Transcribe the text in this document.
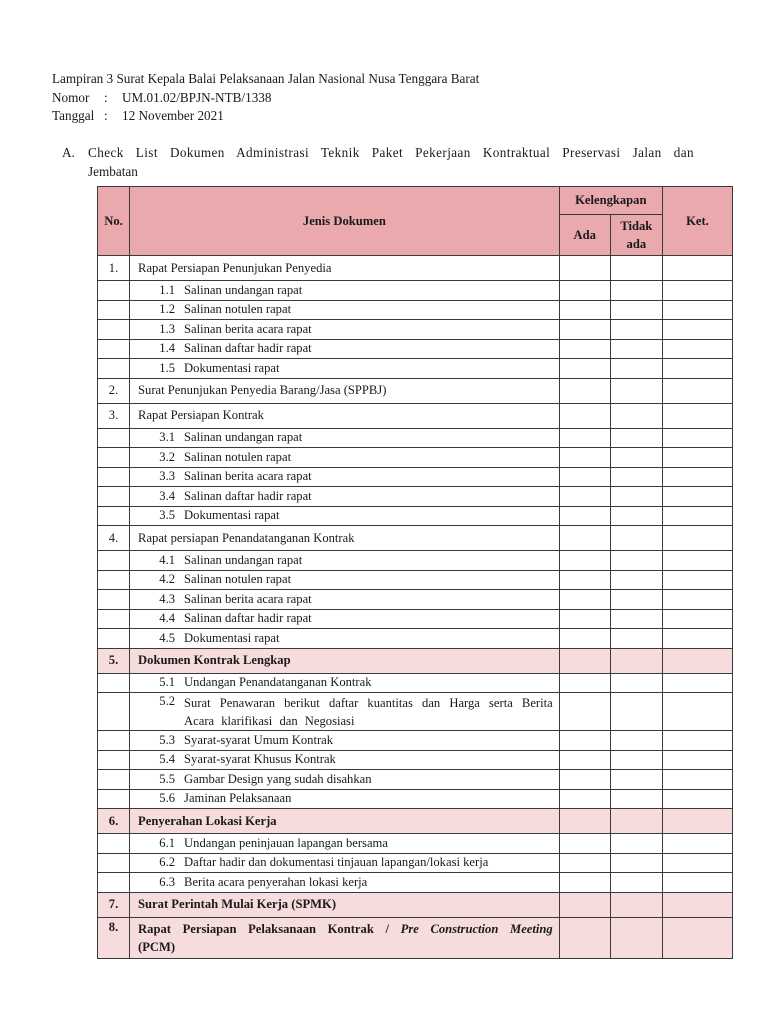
Lampiran 3 Surat Kepala Balai Pelaksanaan Jalan Nasional Nusa Tenggara Barat
Nomor : UM.01.02/BPJN-NTB/1338
Tanggal : 12 November 2021
A. Check List Dokumen Administrasi Teknik Paket Pekerjaan Kontraktual Preservasi Jalan dan
Jembatan
No.	Jenis Dokumen	Kelengkapan		Ket.
		Ada	Tidak ada	
1.	Rapat Persiapan Penunjukan Penyedia			

	1.1 Salinan undangan rapat			

	1.2 Salinan notulen rapat			

	1.3 Salinan berita acara rapat			

	1.4 Salinan daftar hadir rapat			

	1.5 Dokumentasi rapat			

2.	Surat Penunjukan Penyedia Barang/Jasa (SPPBJ)			
3.	Rapat Persiapan Kontrak			

	3.1 Salinan undangan rapat			

	3.2 Salinan notulen rapat			

	3.3 Salinan berita acara rapat			

	3.4 Salinan daftar hadir rapat			

	3.5 Dokumentasi rapat			

4.	Rapat persiapan Penandatanganan Kontrak			

	4.1 Salinan undangan rapat			

	4.2 Salinan notulen rapat			

	4.3 Salinan berita acara rapat			

	4.4 Salinan daftar hadir rapat			

	4.5 Dokumentasi rapat			

5.	Dokumen Kontrak Lengkap			

	5.1 Undangan Penandatanganan Kontrak			

	5.2 Surat Penawaran berikut daftar kuantitas dan Harga serta Berita Acara klarifikasi dan Negosiasi			

	5.3 Syarat-syarat Umum Kontrak			

	5.4 Syarat-syarat Khusus Kontrak			

	5.5 Gambar Design yang sudah disahkan			

	5.6 Jaminan Pelaksanaan			

6.	Penyerahan Lokasi Kerja			

	6.1 Undangan peninjauan lapangan bersama			

	6.2 Daftar hadir dan dokumentasi tinjauan lapangan/lokasi kerja			

	6.3 Berita acara penyerahan lokasi kerja			

7.	Surat Perintah Mulai Kerja (SPMK)			
8.	Rapat Persiapan Pelaksanaan Kontrak / Pre Construction Meeting (PCM)			
